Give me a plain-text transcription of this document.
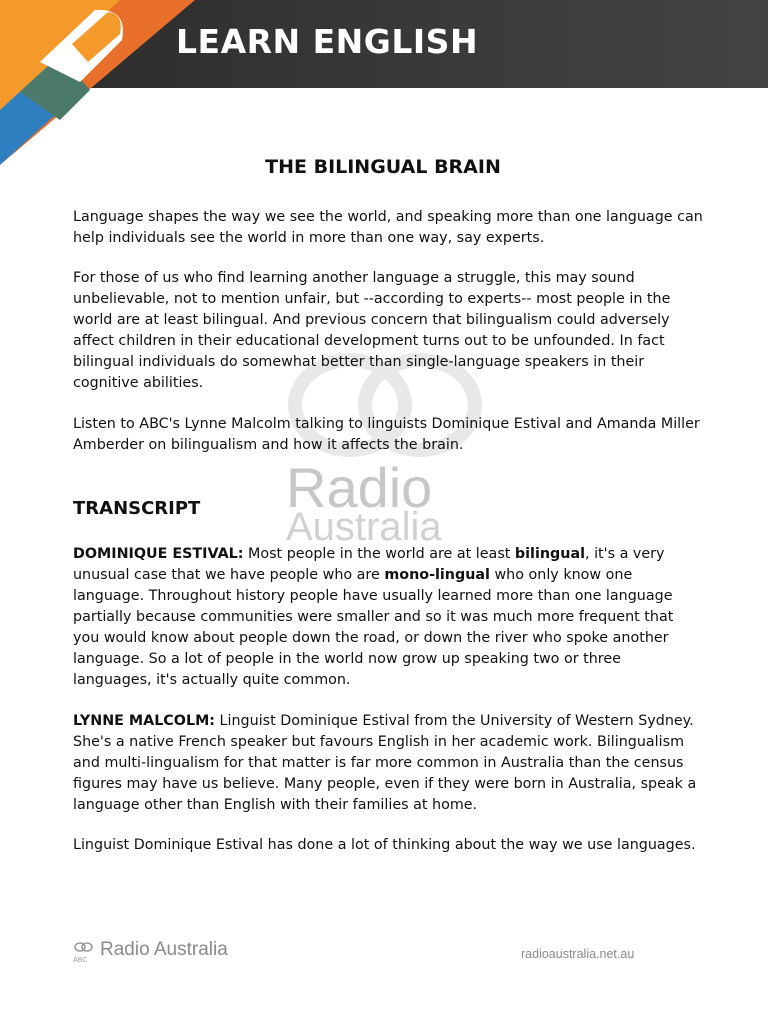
LEARN ENGLISH
Radio
Australia
THE BILINGUAL BRAIN

Language shapes the way we see the world, and speaking more than one language can help individuals see the world in more than one way, say experts.

For those of us who find learning another language a struggle, this may sound unbelievable, not to mention unfair, but --according to experts-- most people in the world are at least bilingual. And previous concern that bilingualism could adversely affect children in their educational development turns out to be unfounded. In fact bilingual individuals do somewhat better than single-language speakers in their cognitive abilities.

Listen to ABC's Lynne Malcolm talking to linguists Dominique Estival and Amanda Miller Amberder on bilingualism and how it affects the brain.

TRANSCRIPT

DOMINIQUE ESTIVAL: Most people in the world are at least bilingual, it's a very unusual case that we have people who are mono-lingual who only know one language. Throughout history people have usually learned more than one language partially because communities were smaller and so it was much more frequent that you would know about people down the road, or down the river who spoke another language. So a lot of people in the world now grow up speaking two or three languages, it's actually quite common.

LYNNE MALCOLM: Linguist Dominique Estival from the University of Western Sydney. She's a native French speaker but favours English in her academic work. Bilingualism and multi-lingualism for that matter is far more common in Australia than the census figures may have us believe. Many people, even if they were born in Australia, speak a language other than English with their families at home.

Linguist Dominique Estival has done a lot of thinking about the way we use languages.

ABC
Radio Australia	radioaustralia.net.au
